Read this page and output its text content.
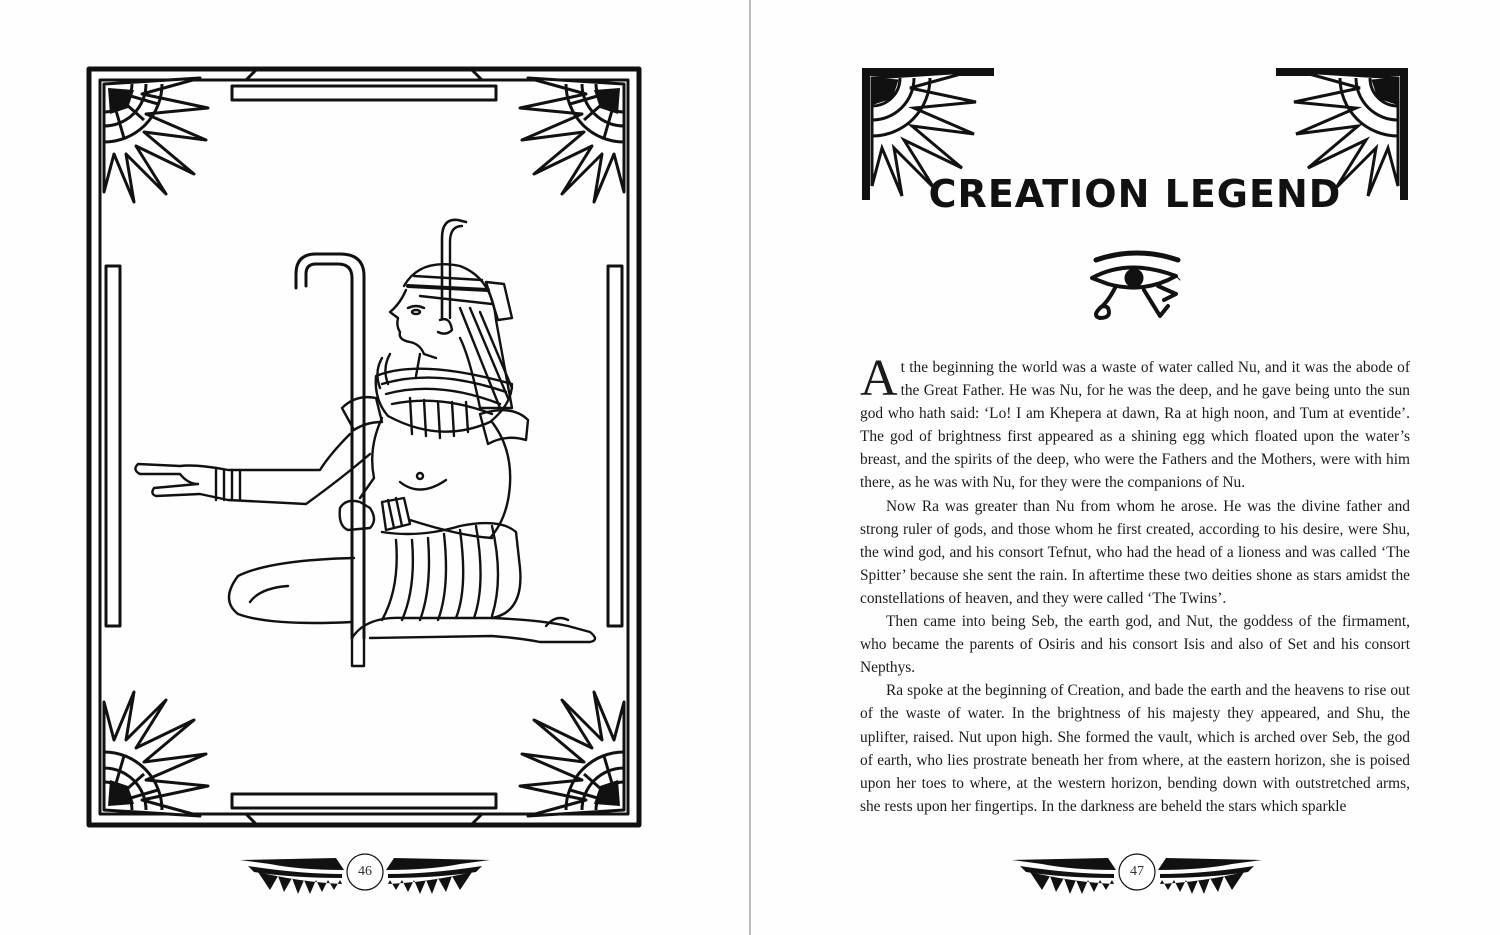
46
CREATION LEGEND

At the beginning the world was a waste of water called Nu, and it was the abode of the Great Father. He was Nu, for he was the deep, and he gave being unto the sun god who hath said: ‘Lo! I am Khepera at dawn, Ra at high noon, and Tum at eventide’. The god of brightness first appeared as a shining egg which floated upon the water’s breast, and the spirits of the deep, who were the Fathers and the Mothers, were with him there, as he was with Nu, for they were the companions of Nu.

Now Ra was greater than Nu from whom he arose. He was the divine father and strong ruler of gods, and those whom he first created, according to his desire, were Shu, the wind god, and his consort Tefnut, who had the head of a lioness and was called ‘The Spitter’ because she sent the rain. In aftertime these two deities shone as stars amidst the constellations of heaven, and they were called ‘The Twins’.

Then came into being Seb, the earth god, and Nut, the goddess of the firmament, who became the parents of Osiris and his consort Isis and also of Set and his consort Nepthys.

Ra spoke at the beginning of Creation, and bade the earth and the heavens to rise out of the waste of water. In the brightness of his majesty they appeared, and Shu, the uplifter, raised. Nut upon high. She formed the vault, which is arched over Seb, the god of earth, who lies prostrate beneath her from where, at the eastern horizon, she is poised upon her toes to where, at the western horizon, bending down with outstretched arms, she rests upon her fingertips. In the darkness are beheld the stars which sparkle

47
